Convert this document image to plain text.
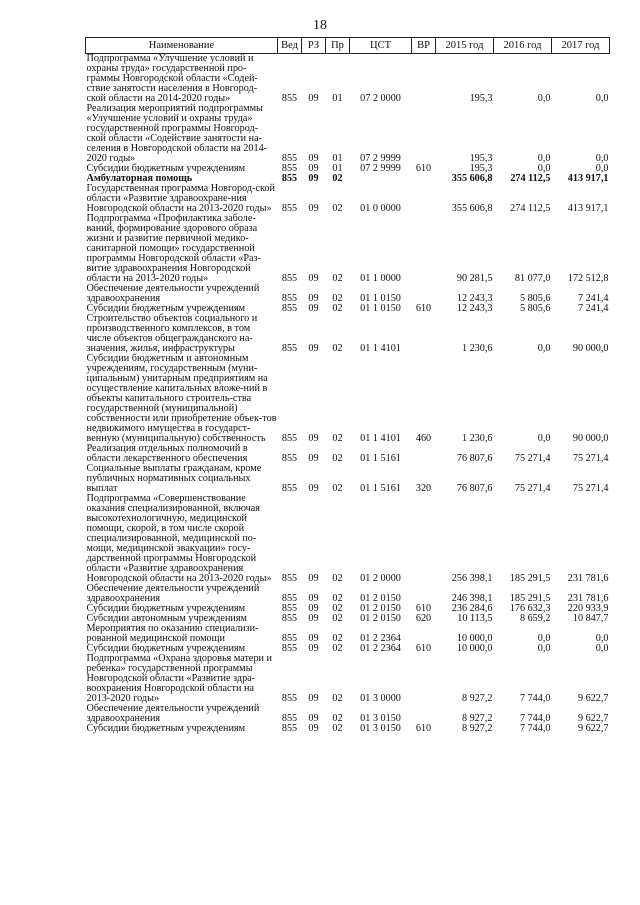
18
Наименование	Вед	РЗ	Пр	ЦСТ	ВР	2015 год	2016 год	2017 год
Подпрограмма «Улучшение условий и охраны труда» государственной про-граммы Новгородской области «Содей-ствие занятости населения в Новгород-ской области на 2014-2020 годы»	855	09	01	07 2 0000		195,3	0,0	0,0
Реализация мероприятий подпрограммы «Улучшение условий и охраны труда» государственной программы Новгород-ской области «Содействие занятости на-селения в Новгородской области на 2014-2020 годы»	855	09	01	07 2 9999		195,3	0,0	0,0
Субсидии бюджетным учреждениям	855	09	01	07 2 9999	610	195,3	0,0	0,0
Амбулаторная помощь	855	09	02			355 606,8	274 112,5	413 917,1
Государственная программа Новгород-ской области «Развитие здравоохране-ния Новгородской области на 2013-2020 годы»	855	09	02	01 0 0000		355 606,8	274 112,5	413 917,1
Подпрограмма «Профилактика заболе-ваний, формирование здорового образа жизни и развитие первичной медико-санитарной помощи» государственной программы Новгородской области «Раз-витие здравоохранения Новгородской области на 2013-2020 годы»	855	09	02	01 1 0000		90 281,5	81 077,0	172 512,8
Обеспечение деятельности учреждений здравоохранения	855	09	02	01 1 0150		12 243,3	5 805,6	7 241,4
Субсидии бюджетным учреждениям	855	09	02	01 1 0150	610	12 243,3	5 805,6	7 241,4
Строительство объектов социального и производственного комплексов, в том числе объектов общегражданского на-значения, жилья, инфраструктуры	855	09	02	01 1 4101		1 230,6	0,0	90 000,0
Субсидии бюджетным и автономным учреждениям, государственным (муни-ципальным) унитарным предприятиям на осуществление капитальных вложе-ний в объекты капитального строитель-ства государственной (муниципальной) собственности или приобретение объек-тов недвижимого имущества в государст-венную (муниципальную) собственность	855	09	02	01 1 4101	460	1 230,6	0,0	90 000,0
Реализация отдельных полномочий в области лекарственного обеспечения	855	09	02	01 1 5161		76 807,6	75 271,4	75 271,4
Социальные выплаты гражданам, кроме публичных нормативных социальных выплат	855	09	02	01 1 5161	320	76 807,6	75 271,4	75 271,4
Подпрограмма «Совершенствование оказания специализированной, включая высокотехнологичную, медицинской помощи, скорой, в том числе скорой специализированной, медицинской по-мощи, медицинской эвакуации» госу-дарственной программы Новгородской области «Развитие здравоохранения Новгородской области на 2013-2020 годы»	855	09	02	01 2 0000		256 398,1	185 291,5	231 781,6
Обеспечение деятельности учреждений здравоохранения	855	09	02	01 2 0150		246 398,1	185 291,5	231 781,6
Субсидии бюджетным учреждениям	855	09	02	01 2 0150	610	236 284,6	176 632,3	220 933,9
Субсидии автономным учреждениям	855	09	02	01 2 0150	620	10 113,5	8 659,2	10 847,7
Мероприятия по оказанию специализи-рованной медицинской помощи	855	09	02	01 2 2364		10 000,0	0,0	0,0
Субсидии бюджетным учреждениям	855	09	02	01 2 2364	610	10 000,0	0,0	0,0
Подпрограмма «Охрана здоровья матери и ребенка» государственной программы Новгородской области «Развитие здра-воохранения Новгородской области на 2013-2020 годы»	855	09	02	01 3 0000		8 927,2	7 744,0	9 622,7
Обеспечение деятельности учреждений здравоохранения	855	09	02	01 3 0150		8 927,2	7 744,0	9 622,7
Субсидии бюджетным учреждениям	855	09	02	01 3 0150	610	8 927,2	7 744,0	9 622,7
